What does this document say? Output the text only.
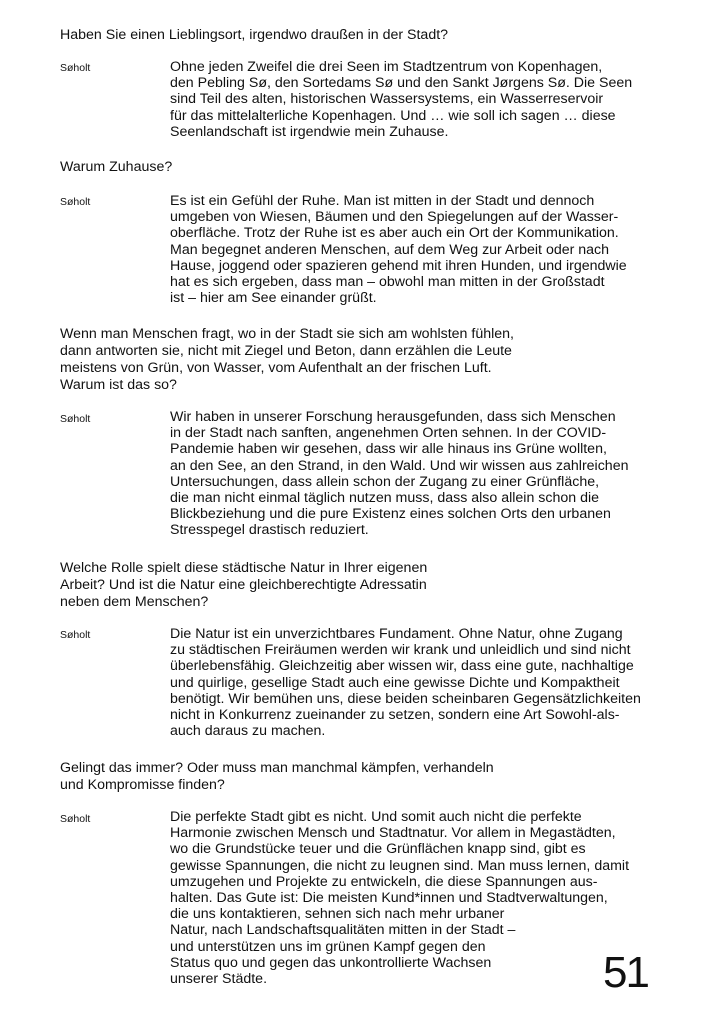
Haben Sie einen Lieblingsort, irgendwo draußen in der Stadt?

Søholt	Ohne jeden Zweifel die drei Seen im Stadtzentrum von Kopenhagen,
den Pebling Sø, den Sortedams Sø und den Sankt Jørgens Sø. Die Seen
sind Teil des alten, historischen Wassersystems, ein Wasserreservoir
für das mittelalterliche Kopenhagen. Und … wie soll ich sagen … diese
Seenlandschaft ist irgendwie mein Zuhause.

Warum Zuhause?

Søholt	Es ist ein Gefühl der Ruhe. Man ist mitten in der Stadt und dennoch
umgeben von Wiesen, Bäumen und den Spiegelungen auf der Wasser-
oberfläche. Trotz der Ruhe ist es aber auch ein Ort der Kommunikation.
Man begegnet anderen Menschen, auf dem Weg zur Arbeit oder nach
Hause, joggend oder spazieren gehend mit ihren Hunden, und irgendwie
hat es sich ergeben, dass man – obwohl man mitten in der Großstadt
ist – hier am See einander grüßt.

Wenn man Menschen fragt, wo in der Stadt sie sich am wohlsten fühlen,
dann antworten sie, nicht mit Ziegel und Beton, dann erzählen die Leute
meistens von Grün, von Wasser, vom Aufenthalt an der frischen Luft.
Warum ist das so?

Søholt	Wir haben in unserer Forschung herausgefunden, dass sich Menschen
in der Stadt nach sanften, angenehmen Orten sehnen. In der COVID-
Pandemie haben wir gesehen, dass wir alle hinaus ins Grüne wollten,
an den See, an den Strand, in den Wald. Und wir wissen aus zahlreichen
Untersuchungen, dass allein schon der Zugang zu einer Grünfläche,
die man nicht einmal täglich nutzen muss, dass also allein schon die
Blickbeziehung und die pure Existenz eines solchen Orts den urbanen
Stresspegel drastisch reduziert.

Welche Rolle spielt diese städtische Natur in Ihrer eigenen
Arbeit? Und ist die Natur eine gleichberechtigte Adressatin
neben dem Menschen?

Søholt	Die Natur ist ein unverzichtbares Fundament. Ohne Natur, ohne Zugang
zu städtischen Freiräumen werden wir krank und unleidlich und sind nicht
überlebensfähig. Gleichzeitig aber wissen wir, dass eine gute, nachhaltige
und quirlige, gesellige Stadt auch eine gewisse Dichte und Kompaktheit
benötigt. Wir bemühen uns, diese beiden scheinbaren Gegensätzlichkeiten
nicht in Konkurrenz zueinander zu setzen, sondern eine Art Sowohl-als-
auch daraus zu machen.

Gelingt das immer? Oder muss man manchmal kämpfen, verhandeln
und Kompromisse finden?

Søholt	Die perfekte Stadt gibt es nicht. Und somit auch nicht die perfekte
Harmonie zwischen Mensch und Stadtnatur. Vor allem in Megastädten,
wo die Grundstücke teuer und die Grünflächen knapp sind, gibt es
gewisse Spannungen, die nicht zu leugnen sind. Man muss lernen, damit
umzugehen und Projekte zu entwickeln, die diese Spannungen aus-
halten. Das Gute ist: Die meisten Kund*innen und Stadtverwaltungen,
die uns kontaktieren, sehnen sich nach mehr urbaner
Natur, nach Landschaftsqualitäten mitten in der Stadt –
und unterstützen uns im grünen Kampf gegen den
Status quo und gegen das unkontrollierte Wachsen
unserer Städte.	51
